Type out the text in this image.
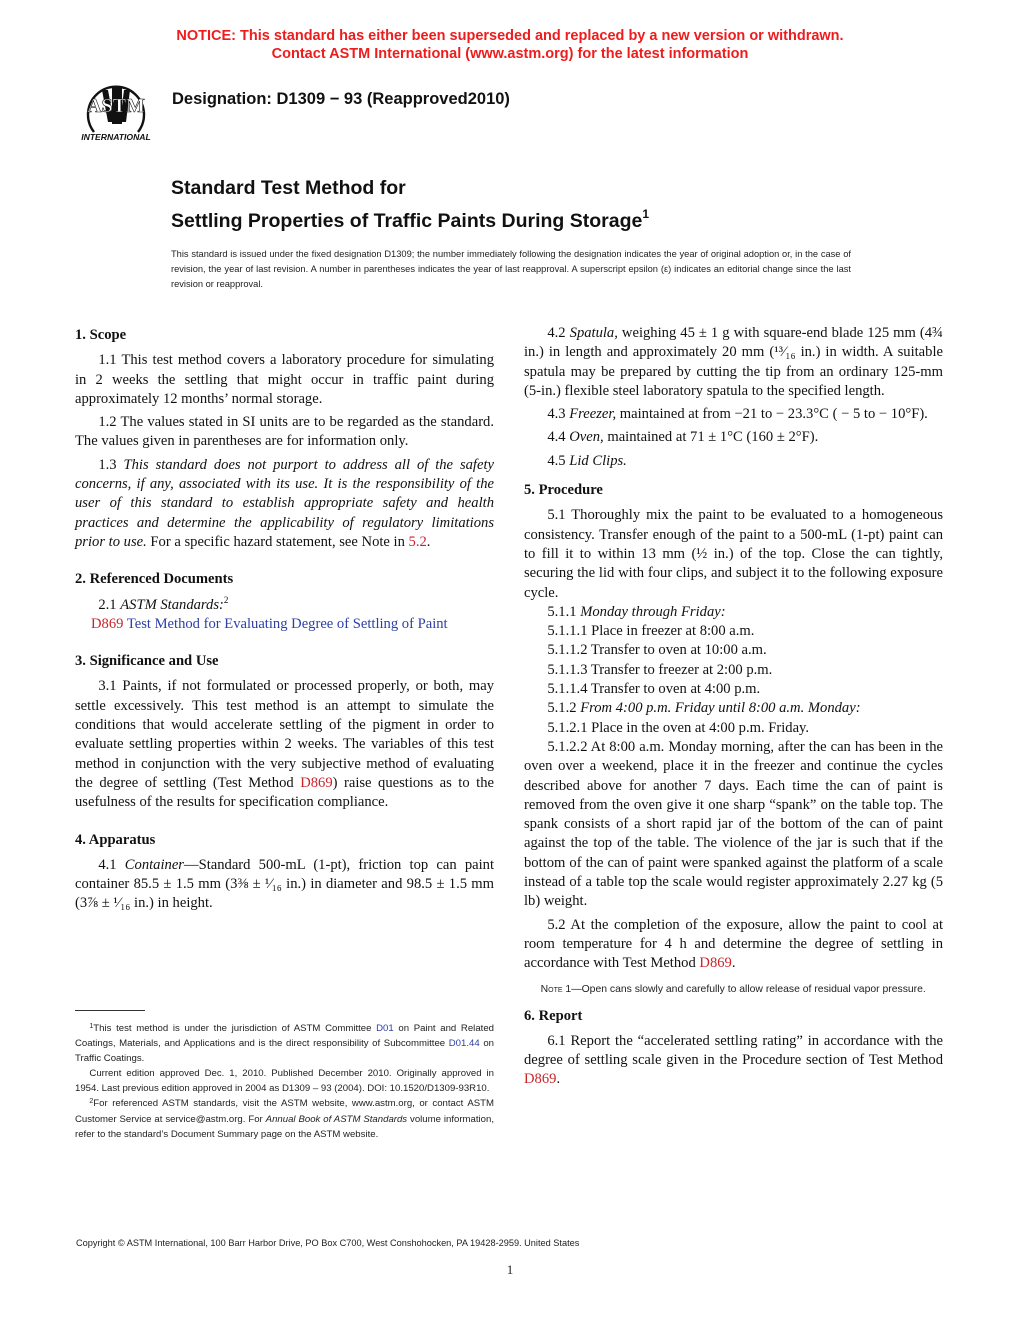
NOTICE: This standard has either been superseded and replaced by a new version or withdrawn.
Contact ASTM International (www.astm.org) for the latest information
ASTM
INTERNATIONAL
Designation: D1309 − 93 (Reapproved2010)
Standard Test Method for
Settling Properties of Traffic Paints During Storage$^1$
This standard is issued under the fixed designation D1309; the number immediately following the designation indicates the year of original adoption or, in the case of revision, the year of last revision. A number in parentheses indicates the year of last reapproval. A superscript epsilon (ε) indicates an editorial change since the last revision or reapproval.
1. Scope

1.1 This test method covers a laboratory procedure for simulating in 2 weeks the settling that might occur in traffic paint during approximately 12 months’ normal storage.

1.2 The values stated in SI units are to be regarded as the standard. The values given in parentheses are for information only.

1.3 This standard does not purport to address all of the safety concerns, if any, associated with its use. It is the responsibility of the user of this standard to establish appropriate safety and health practices and determine the applicability of regulatory limitations prior to use. For a specific hazard statement, see Note in 5.2.

2. Referenced Documents

2.1 ASTM Standards:$^2$

D869 Test Method for Evaluating Degree of Settling of Paint
3. Significance and Use

3.1 Paints, if not formulated or processed properly, or both, may settle excessively. This test method is an attempt to simulate the conditions that would accelerate settling of the pigment in order to evaluate settling properties within 2 weeks. The variables of this test method in conjunction with the very subjective method of evaluating the degree of settling (Test Method D869) raise questions as to the usefulness of the results for specification compliance.

4. Apparatus

4.1 Container—Standard 500-mL (1-pt), friction top can paint container 85.5 ± 1.5 mm (3⅜ ± ¹⁄₁₆ in.) in diameter and 98.5 ± 1.5 mm (3⅞ ± ¹⁄₁₆ in.) in height.

$^1$This test method is under the jurisdiction of ASTM Committee D01 on Paint and Related Coatings, Materials, and Applications and is the direct responsibility of Subcommittee D01.44 on Traffic Coatings.

Current edition approved Dec. 1, 2010. Published December 2010. Originally approved in 1954. Last previous edition approved in 2004 as D1309 – 93 (2004). DOI: 10.1520/D1309-93R10.

$^2$For referenced ASTM standards, visit the ASTM website, www.astm.org, or contact ASTM Customer Service at service@astm.org. For Annual Book of ASTM Standards volume information, refer to the standard’s Document Summary page on the ASTM website.

4.2 Spatula, weighing 45 ± 1 g with square-end blade 125 mm (4¾ in.) in length and approximately 20 mm (¹³⁄₁₆ in.) in width. A suitable spatula may be prepared by cutting the tip from an ordinary 125-mm (5-in.) flexible steel laboratory spatula to the specified length.

4.3 Freezer, maintained at from −21 to − 23.3°C ( − 5 to − 10°F).

4.4 Oven, maintained at 71 ± 1°C (160 ± 2°F).

4.5 Lid Clips.

5. Procedure

5.1 Thoroughly mix the paint to be evaluated to a homogeneous consistency. Transfer enough of the paint to a 500-mL (1-pt) paint can to fill it to within 13 mm (½ in.) of the top. Close the can tightly, securing the lid with four clips, and subject it to the following exposure cycle.

5.1.1 Monday through Friday:

5.1.1.1 Place in freezer at 8:00 a.m.

5.1.1.2 Transfer to oven at 10:00 a.m.

5.1.1.3 Transfer to freezer at 2:00 p.m.

5.1.1.4 Transfer to oven at 4:00 p.m.

5.1.2 From 4:00 p.m. Friday until 8:00 a.m. Monday:

5.1.2.1 Place in the oven at 4:00 p.m. Friday.

5.1.2.2 At 8:00 a.m. Monday morning, after the can has been in the oven over a weekend, place it in the freezer and continue the cycles described above for another 7 days. Each time the can of paint is removed from the oven give it one sharp “spank” on the table top. The spank consists of a short rapid jar of the bottom of the can of paint against the top of the table. The violence of the jar is such that if the bottom of the can of paint were spanked against the platform of a scale instead of a table top the scale would register approximately 2.27 kg (5 lb) weight.

5.2 At the completion of the exposure, allow the paint to cool at room temperature for 4 h and determine the degree of settling in accordance with Test Method D869.

Note 1—Open cans slowly and carefully to allow release of residual vapor pressure.

6. Report

6.1 Report the “accelerated settling rating” in accordance with the degree of settling scale given in the Procedure section of Test Method D869.

Copyright © ASTM International, 100 Barr Harbor Drive, PO Box C700, West Conshohocken, PA 19428-2959. United States
1
